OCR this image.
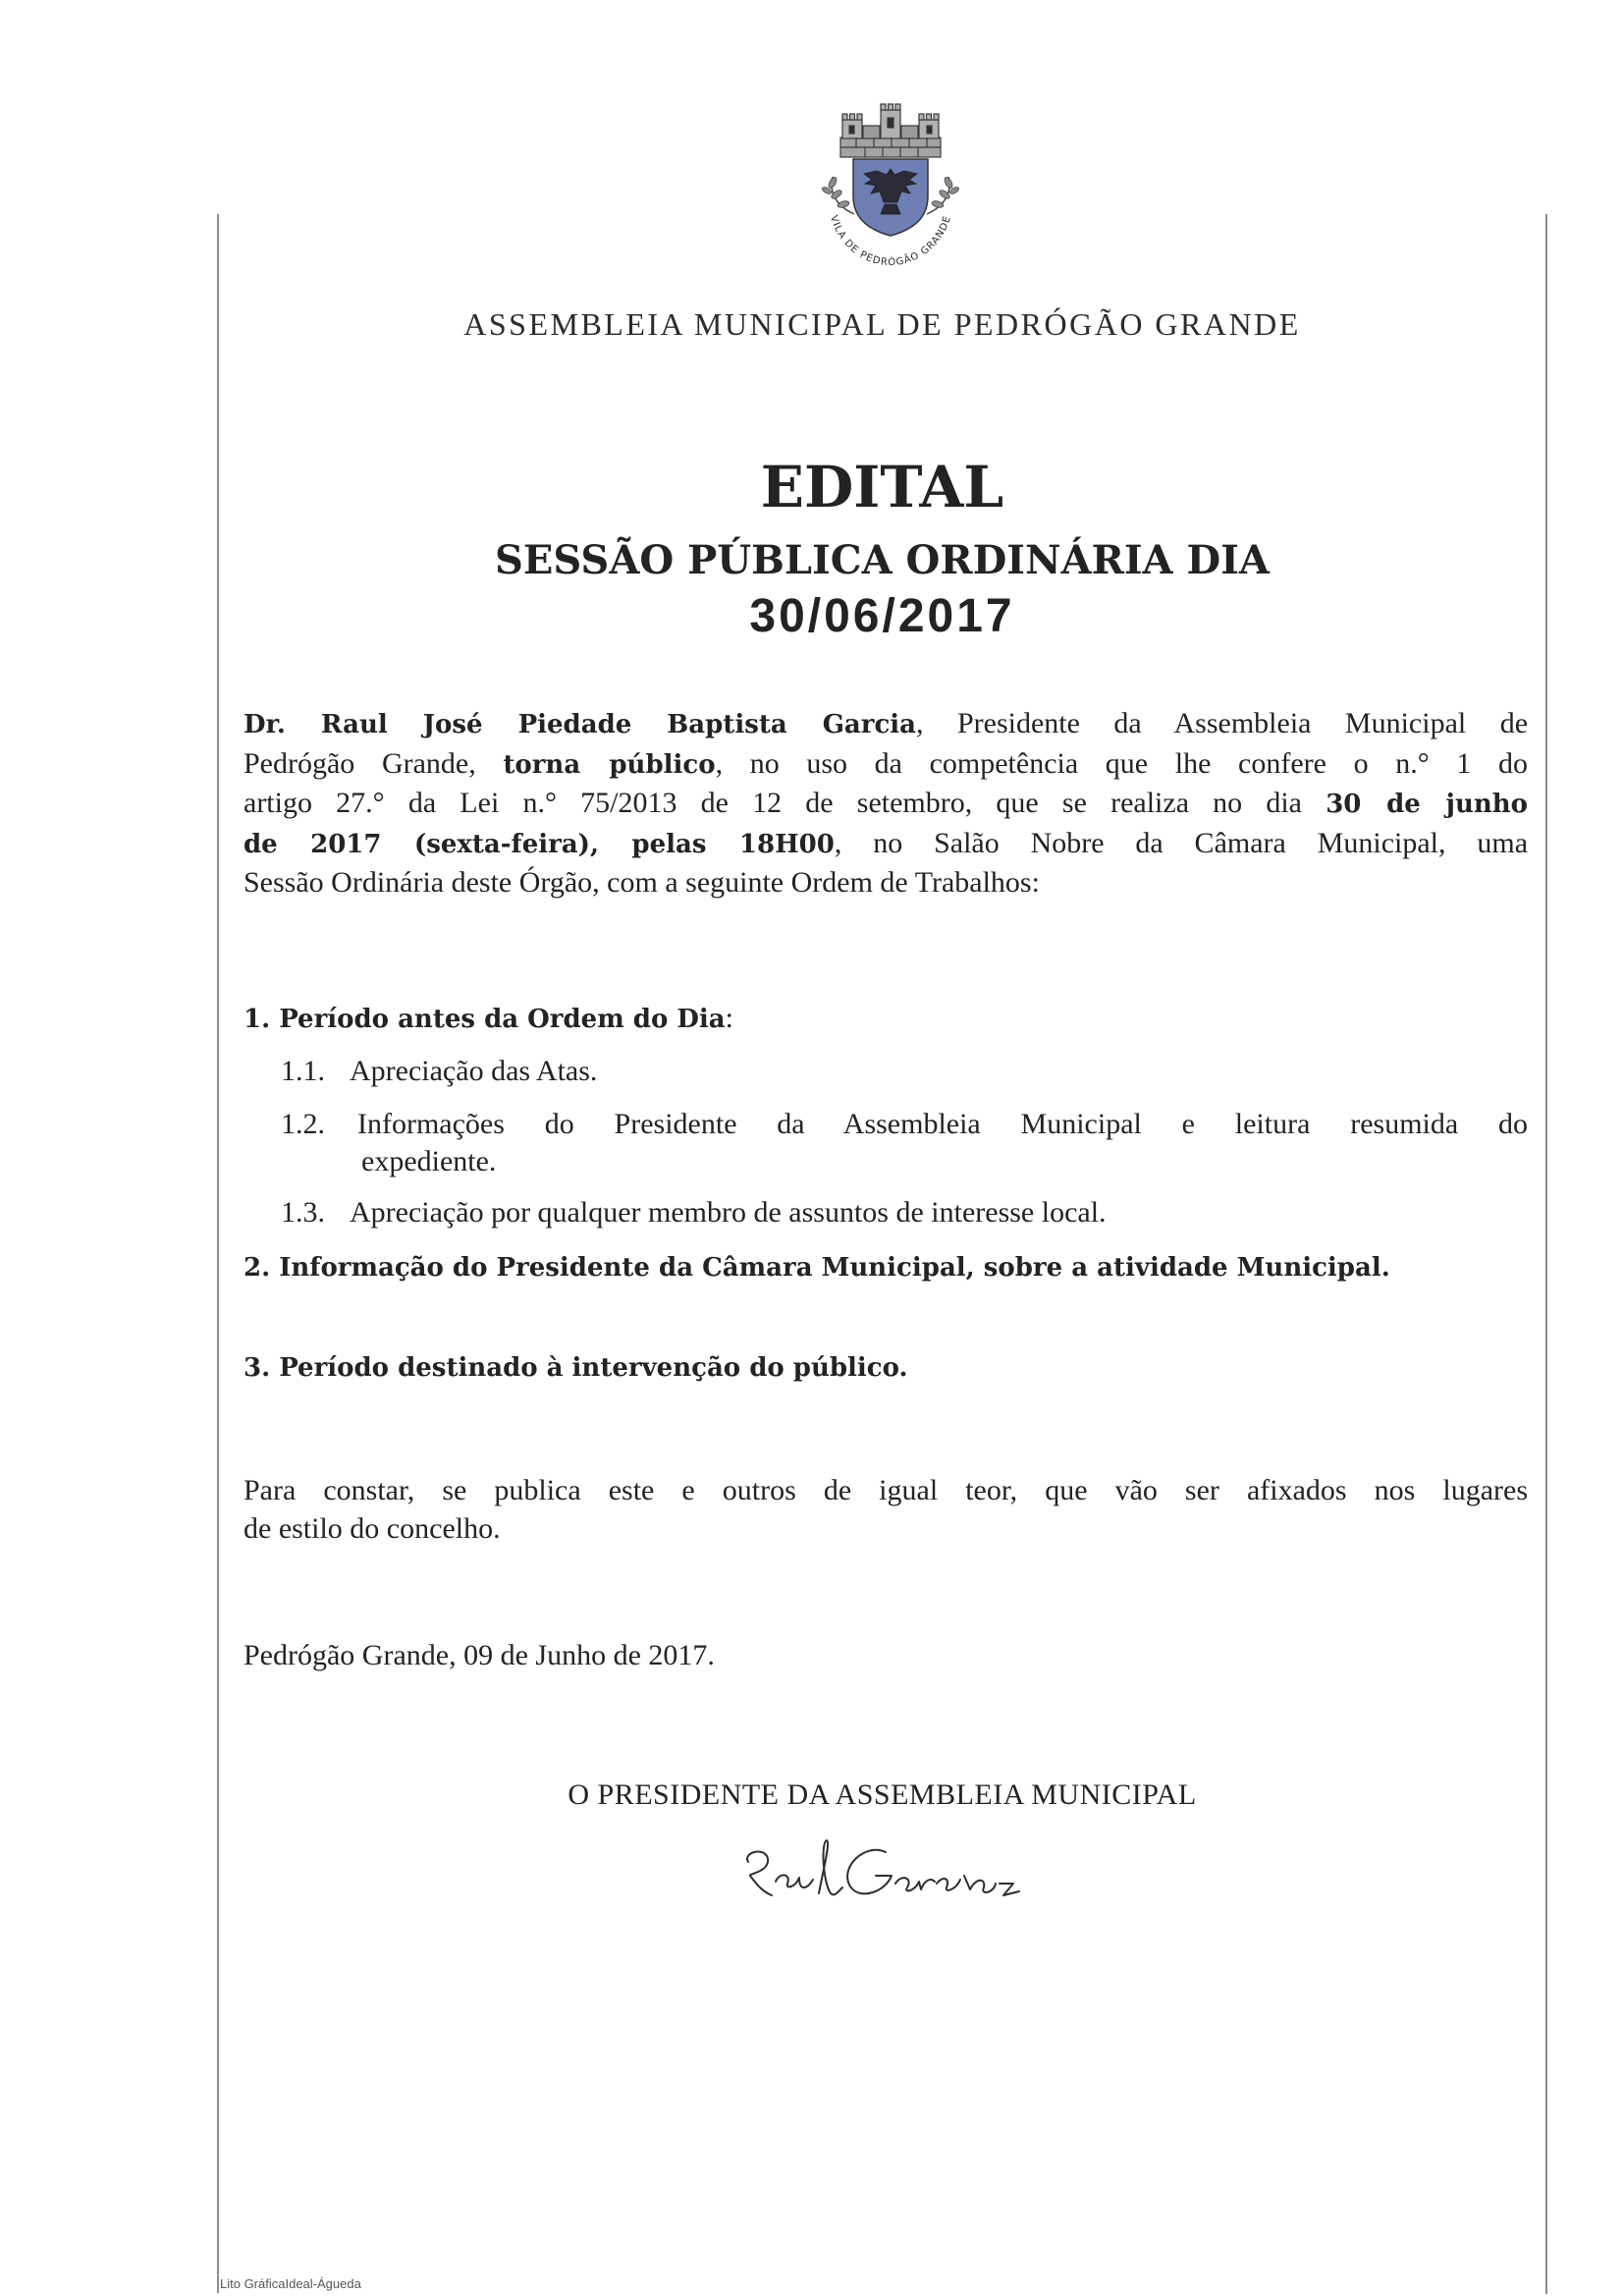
VILA DE PEDRÓGÃO GRANDE
ASSEMBLEIA MUNICIPAL DE PEDRÓGÃO GRANDE
EDITAL
SESSÃO PÚBLICA ORDINÁRIA DIA
30/06/2017
Dr. Raul José Piedade Baptista Garcia, Presidente da Assembleia Municipal de
Pedrógão Grande, torna público, no uso da competência que lhe confere o n.° 1 do
artigo 27.° da Lei n.° 75/2013 de 12 de setembro, que se realiza no dia 30 de junho
de 2017 (sexta-feira), pelas 18H00, no Salão Nobre da Câmara Municipal, uma
Sessão Ordinária deste Órgão, com a seguinte Ordem de Trabalhos:
1. Período antes da Ordem do Dia:
1.1. Apreciação das Atas.
1.2. Informações do Presidente da Assembleia Municipal e leitura resumida do
expediente.
1.3. Apreciação por qualquer membro de assuntos de interesse local.
2. Informação do Presidente da Câmara Municipal, sobre a atividade Municipal.
3. Período destinado à intervenção do público.
Para constar, se publica este e outros de igual teor, que vão ser afixados nos lugares
de estilo do concelho.
Pedrógão Grande, 09 de Junho de 2017.
O PRESIDENTE DA ASSEMBLEIA MUNICIPAL
Lito GráficaIdeal-Águeda
